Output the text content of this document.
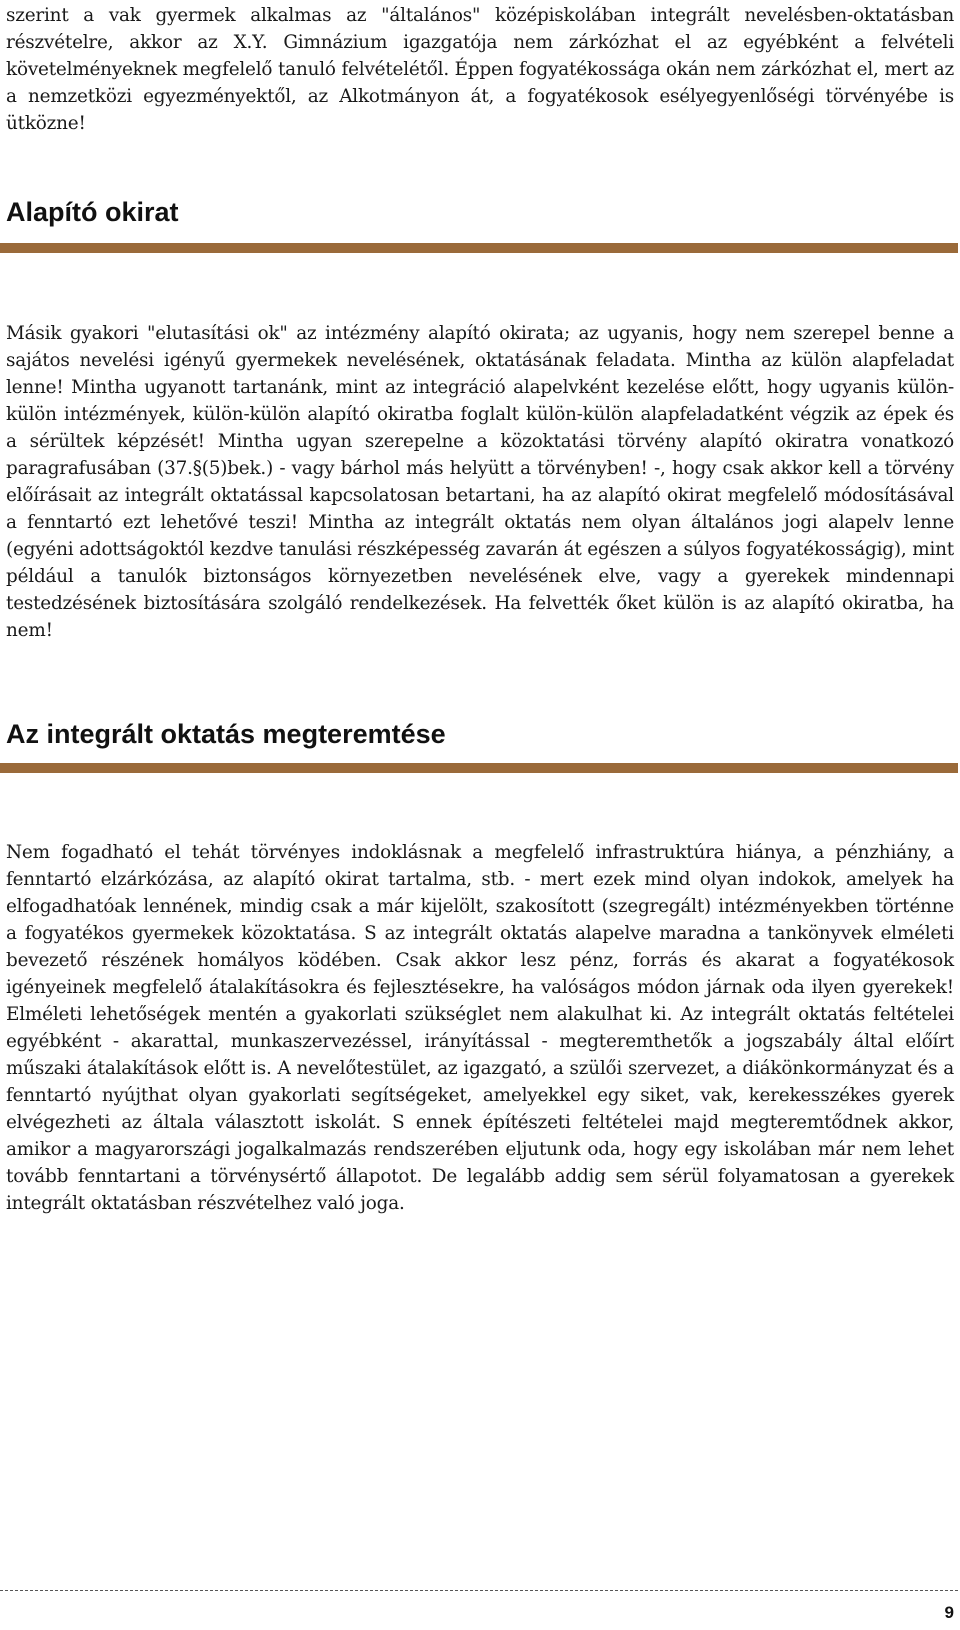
szerint a vak gyermek alkalmas az "általános" középiskolában integrált nevelésben-oktatásban részvételre, akkor az X.Y. Gimnázium igazgatója nem zárkózhat el az egyébként a felvételi követelményeknek megfelelő tanuló felvételétől. Éppen fogyatékossága okán nem zárkózhat el, mert az a nemzetközi egyezményektől, az Alkotmányon át, a fogyatékosok esélyegyenlőségi törvényébe is ütközne!

Alapító okirat

Másik gyakori "elutasítási ok" az intézmény alapító okirata; az ugyanis, hogy nem szerepel benne a sajátos nevelési igényű gyermekek nevelésének, oktatásának feladata. Mintha az külön alapfeladat lenne! Mintha ugyanott tartanánk, mint az integráció alapelvként kezelése előtt, hogy ugyanis külön-külön intézmények, külön-külön alapító okiratba foglalt külön-külön alapfeladatként végzik az épek és a sérültek képzését! Mintha ugyan szerepelne a közoktatási törvény alapító okiratra vonatkozó paragrafusában (37.§(5)bek.) - vagy bárhol más helyütt a törvényben! -, hogy csak akkor kell a törvény előírásait az integrált oktatással kapcsolatosan betartani, ha az alapító okirat megfelelő módosításával a fenntartó ezt lehetővé teszi! Mintha az integrált oktatás nem olyan általános jogi alapelv lenne (egyéni adottságoktól kezdve tanulási részképesség zavarán át egészen a súlyos fogyatékosságig), mint például a tanulók biztonságos környezetben nevelésének elve, vagy a gyerekek mindennapi testedzésének biztosítására szolgáló rendelkezések. Ha felvették őket külön is az alapító okiratba, ha nem!

Az integrált oktatás megteremtése

Nem fogadható el tehát törvényes indoklásnak a megfelelő infrastruktúra hiánya, a pénzhiány, a fenntartó elzárkózása, az alapító okirat tartalma, stb. - mert ezek mind olyan indokok, amelyek ha elfogadhatóak lennének, mindig csak a már kijelölt, szakosított (szegregált) intézményekben történne a fogyatékos gyermekek közoktatása. S az integrált oktatás alapelve maradna a tankönyvek elméleti bevezető részének homályos ködében. Csak akkor lesz pénz, forrás és akarat a fogyatékosok igényeinek megfelelő átalakításokra és fejlesztésekre, ha valóságos módon járnak oda ilyen gyerekek! Elméleti lehetőségek mentén a gyakorlati szükséglet nem alakulhat ki. Az integrált oktatás feltételei egyébként - akarattal, munkaszervezéssel, irányítással - megteremthetők a jogszabály által előírt műszaki átalakítások előtt is. A nevelőtestület, az igazgató, a szülői szervezet, a diákönkormányzat és a fenntartó nyújthat olyan gyakorlati segítségeket, amelyekkel egy siket, vak, kerekesszékes gyerek elvégezheti az általa választott iskolát. S ennek építészeti feltételei majd megteremtődnek akkor, amikor a magyarországi jogalkalmazás rendszerében eljutunk oda, hogy egy iskolában már nem lehet tovább fenntartani a törvénysértő állapotot. De legalább addig sem sérül folyamatosan a gyerekek integrált oktatásban részvételhez való joga.

9
